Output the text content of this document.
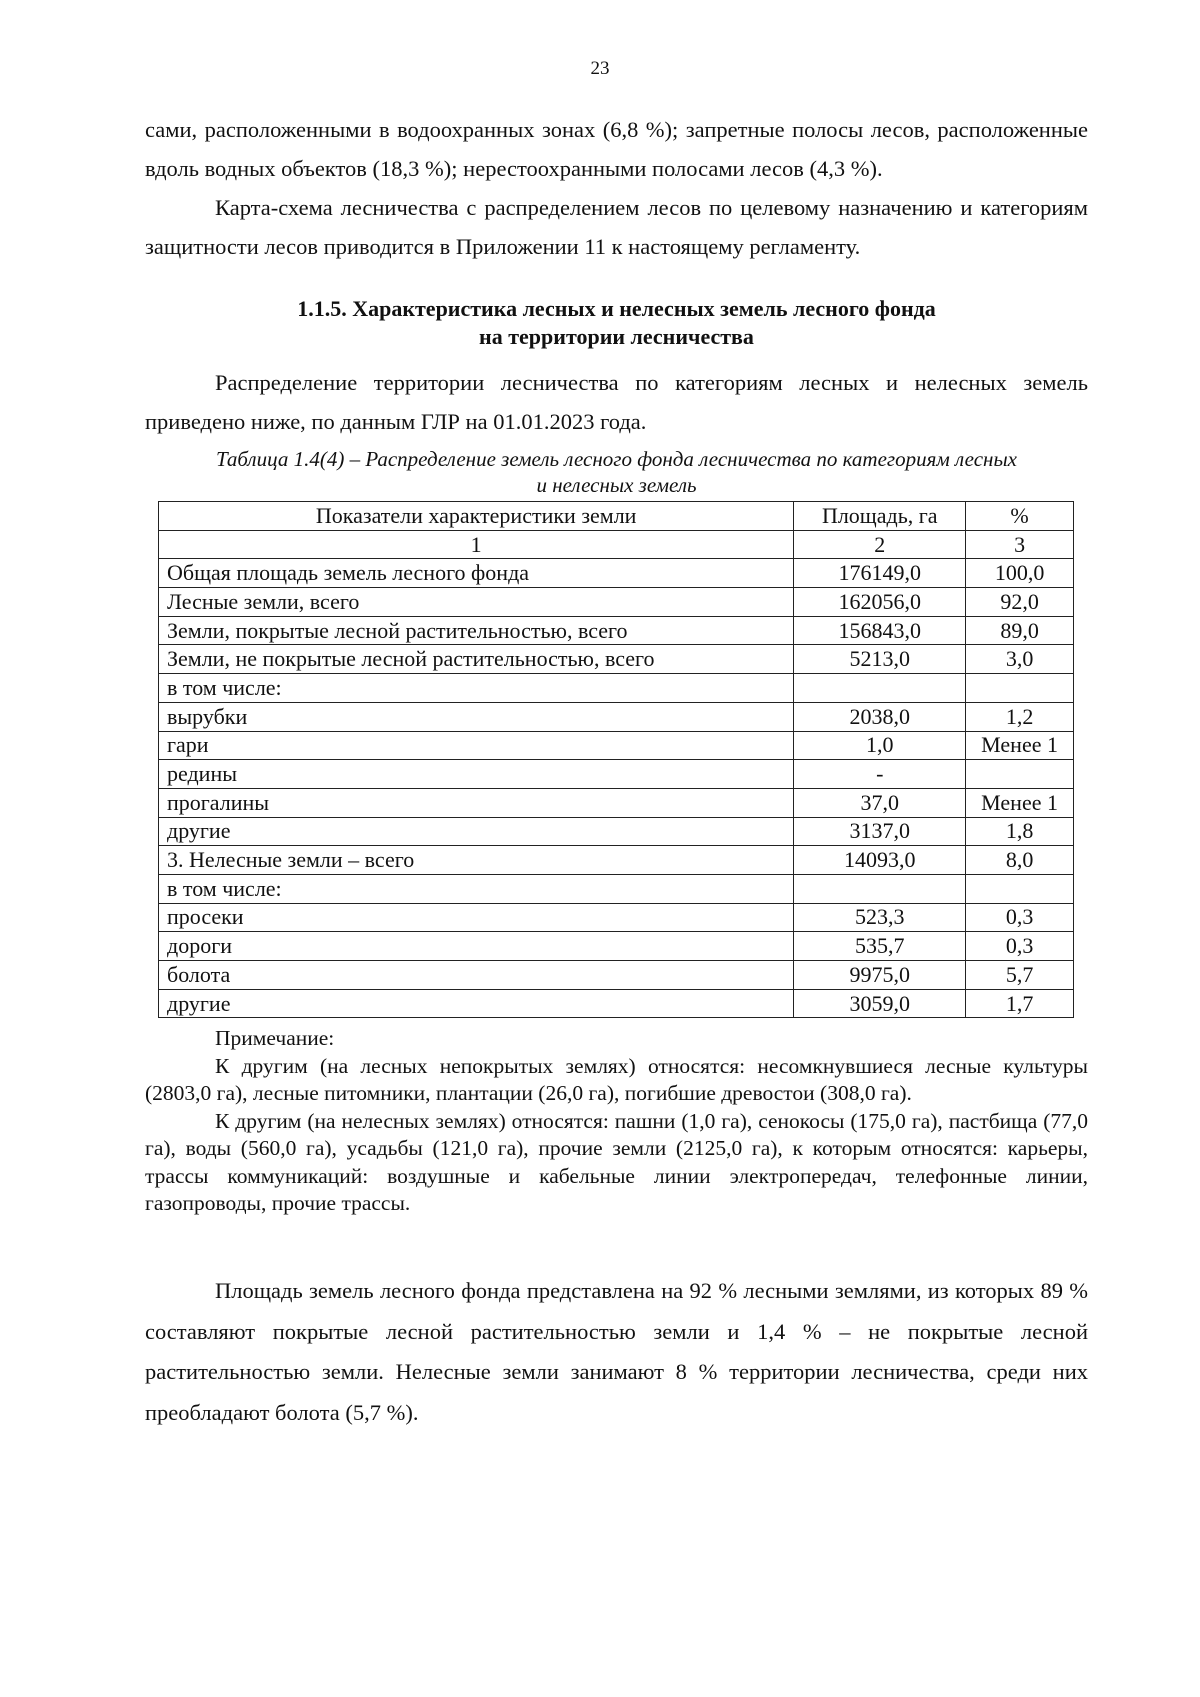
23

сами, расположенными в водоохранных зонах (6,8 %); запретные полосы лесов, расположенные вдоль водных объектов (18,3 %); нерестоохранными полосами лесов (4,3 %).

Карта-схема лесничества с распределением лесов по целевому назначению и категориям защитности лесов приводится в Приложении 11 к настоящему регламенту.

1.1.5. Характеристика лесных и нелесных земель лесного фонда
на территории лесничества

Распределение территории лесничества по категориям лесных и нелесных земель приведено ниже, по данным ГЛР на 01.01.2023 года.

Таблица 1.4(4) – Распределение земель лесного фонда лесничества по категориям лесных
и нелесных земель
Показатели характеристики земли	Площадь, га	%
1	2	3
Общая площадь земель лесного фонда	176149,0	100,0
Лесные земли, всего	162056,0	92,0
Земли, покрытые лесной растительностью, всего	156843,0	89,0
Земли, не покрытые лесной растительностью, всего	5213,0	3,0
в том числе:		
вырубки	2038,0	1,2
гари	1,0	Менее 1
редины	-	
прогалины	37,0	Менее 1
другие	3137,0	1,8
3. Нелесные земли – всего	14093,0	8,0
в том числе:		
просеки	523,3	0,3
дороги	535,7	0,3
болота	9975,0	5,7
другие	3059,0	1,7
Примечание:
К другим (на лесных непокрытых землях) относятся: несомкнувшиеся лесные культуры (2803,0 га), лесные питомники, плантации (26,0 га), погибшие древостои (308,0 га).
К другим (на нелесных землях) относятся: пашни (1,0 га), сенокосы (175,0 га), пастбища (77,0 га), воды (560,0 га), усадьбы (121,0 га), прочие земли (2125,0 га), к которым относятся: карьеры, трассы коммуникаций: воздушные и кабельные линии электропередач, телефонные линии, газопроводы, прочие трассы.

Площадь земель лесного фонда представлена на 92 % лесными землями, из которых 89 % составляют покрытые лесной растительностью земли и 1,4 % – не покрытые лесной растительностью земли. Нелесные земли занимают 8 % территории лесничества, среди них преобладают болота (5,7 %).
